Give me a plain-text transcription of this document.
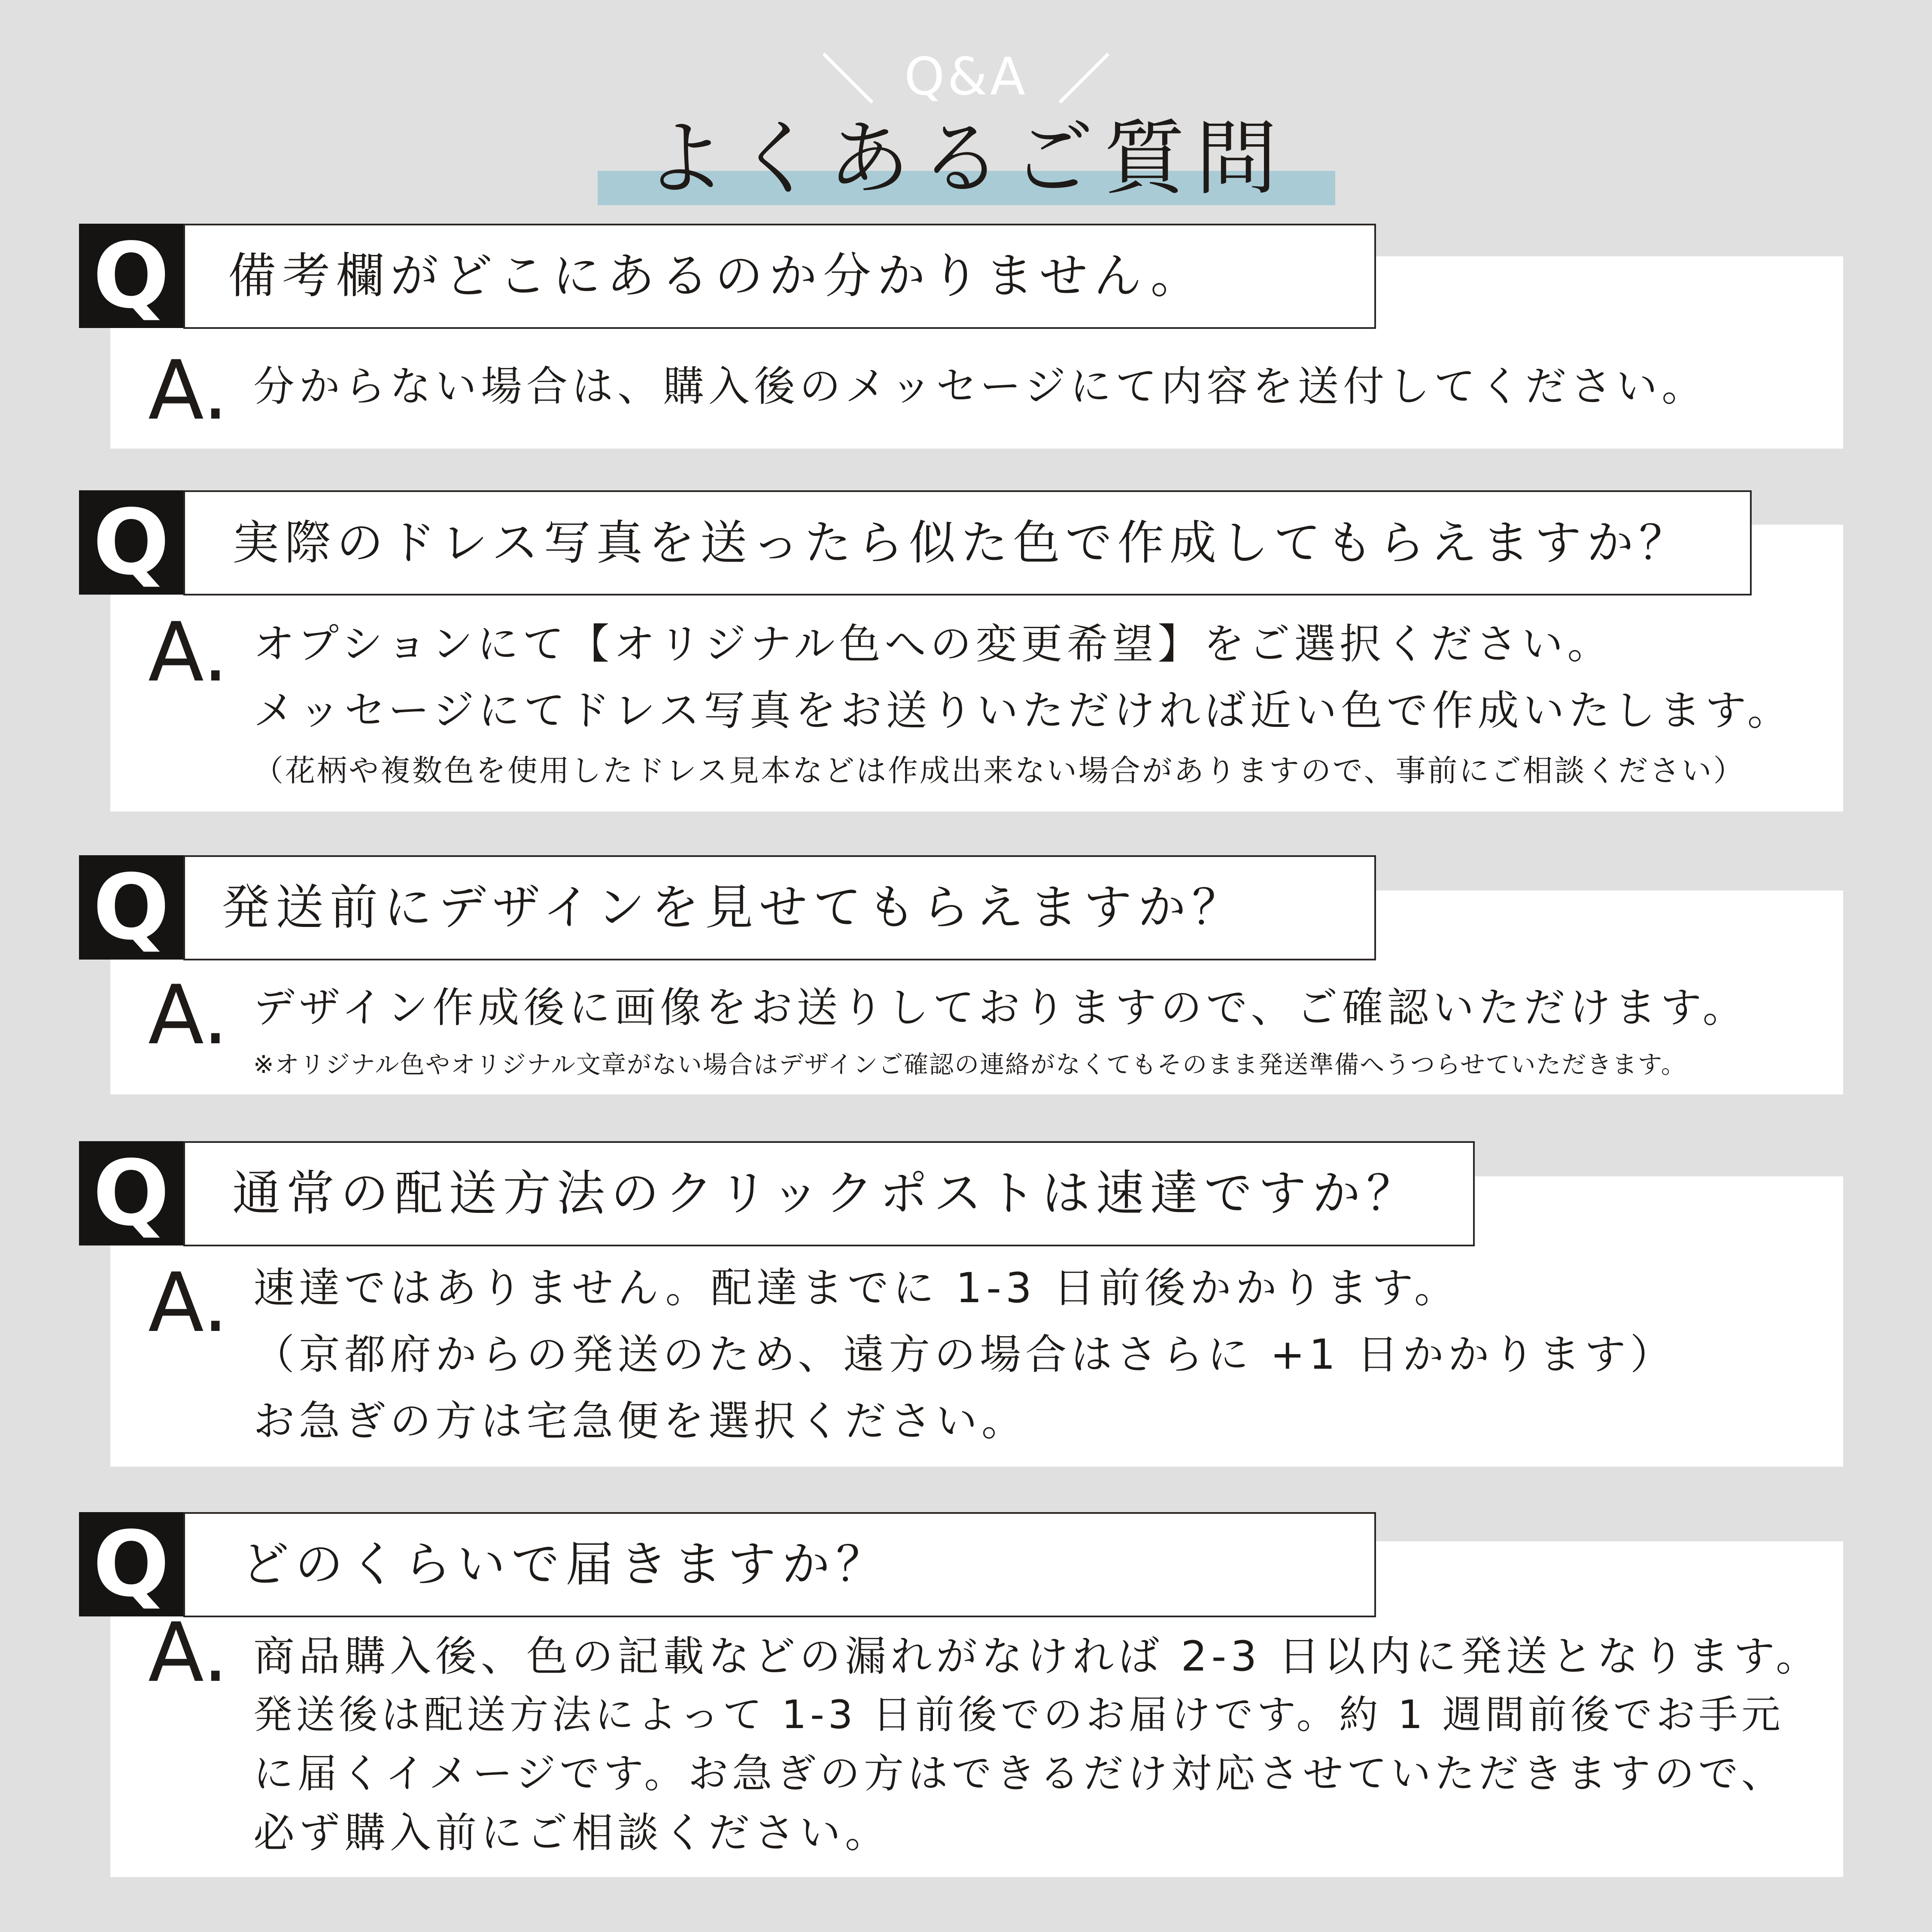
Q&A
よくあるご質問
Q 備考欄がどこにあるのか分かりません。
A. 分からない場合は、購入後のメッセージにて内容を送付してください。
Q 実際のドレス写真を送ったら似た色で作成してもらえますか？
A. オプションにて【オリジナル色への変更希望】をご選択ください。
メッセージにてドレス写真をお送りいただければ近い色で作成いたします。
（花柄や複数色を使用したドレス見本などは作成出来ない場合がありますので、事前にご相談ください）
Q 発送前にデザインを見せてもらえますか？
A. デザイン作成後に画像をお送りしておりますので、ご確認いただけます。
※オリジナル色やオリジナル文章がない場合はデザインご確認の連絡がなくてもそのまま発送準備へうつらせていただきます。
Q 通常の配送方法のクリックポストは速達ですか？
A. 速達ではありません。配達までに 1-3 日前後かかります。
（京都府からの発送のため、遠方の場合はさらに +1 日かかります）
お急ぎの方は宅急便を選択ください。
Q どのくらいで届きますか？
A. 商品購入後、色の記載などの漏れがなければ 2-3 日以内に発送となります。
発送後は配送方法によって 1-3 日前後でのお届けです。約 1 週間前後でお手元
に届くイメージです。お急ぎの方はできるだけ対応させていただきますので、
必ず購入前にご相談ください。
